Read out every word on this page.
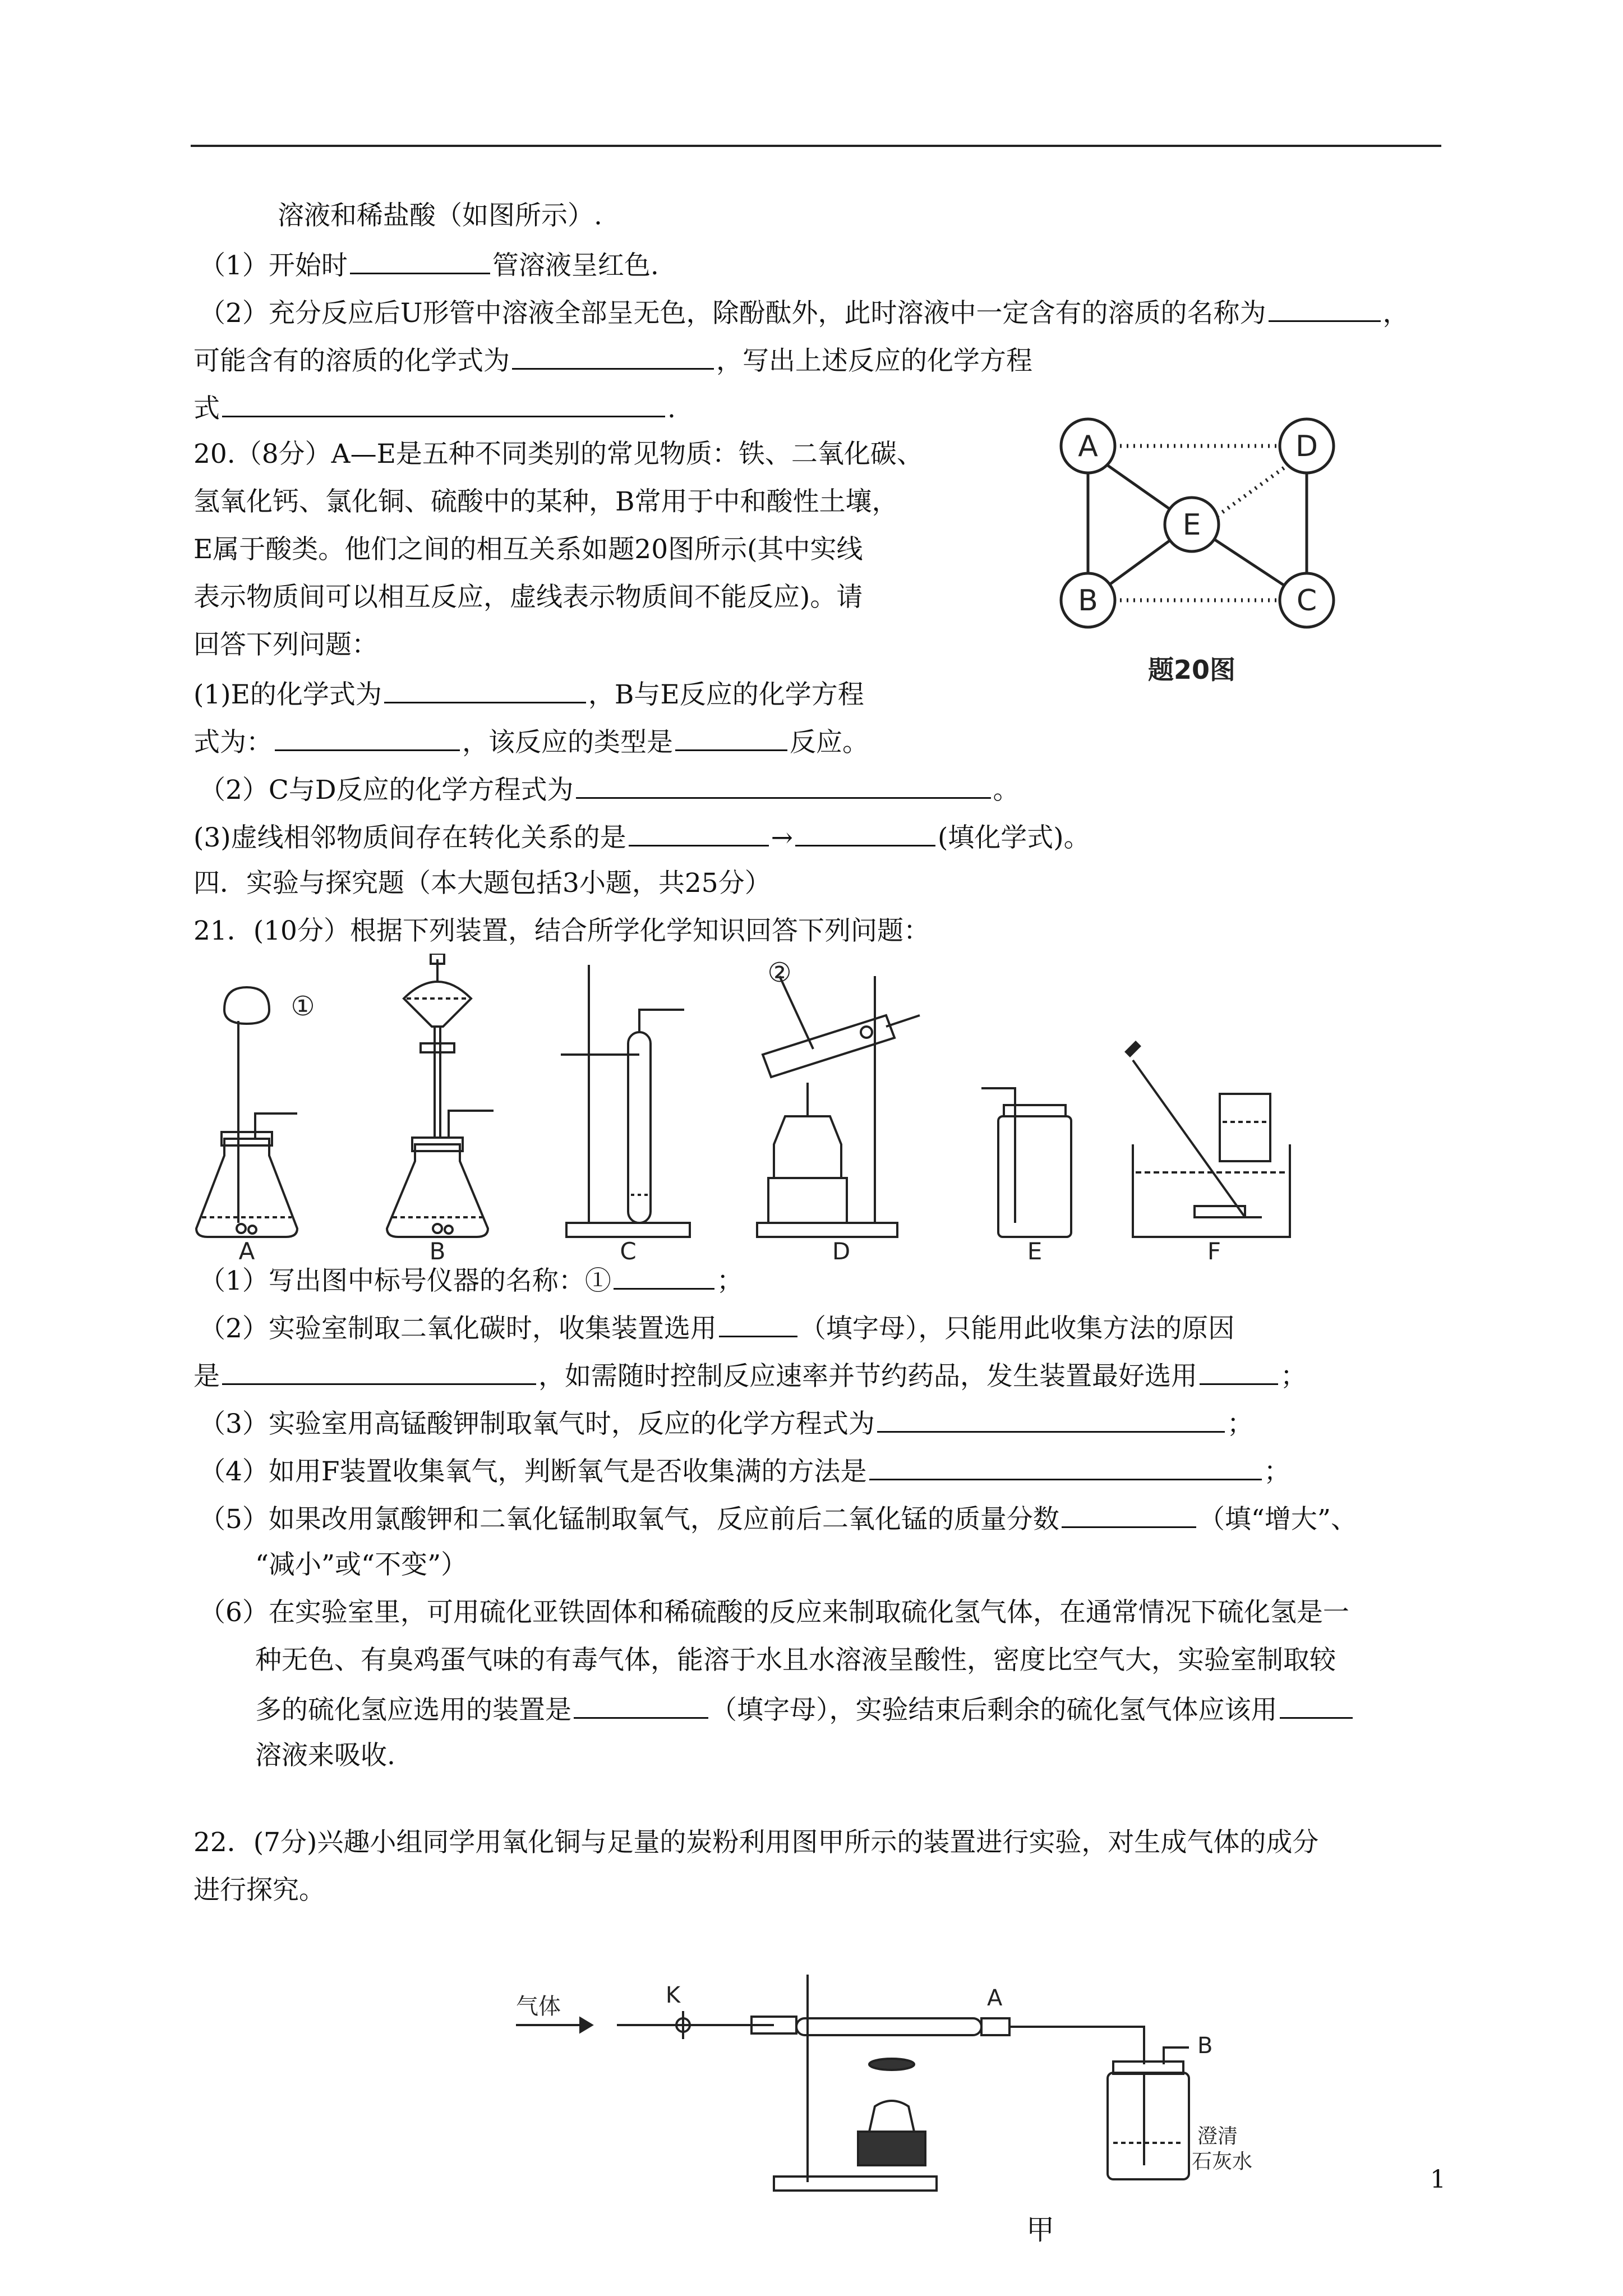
溶液和稀盐酸（如图所示）.
（1）开始时	管溶液呈红色.
（2）充分反应后U形管中溶液全部呈无色，除酚酞外，此时溶液中一定含有的溶质的名称为	，
可能含有的溶质的化学式为	，写出上述反应的化学方程
式	.
20.（8分）A—E是五种不同类别的常见物质：铁、二氧化碳、
氢氧化钙、氯化铜、硫酸中的某种，B常用于中和酸性土壤，
E属于酸类。他们之间的相互关系如题20图所示(其中实线
表示物质间可以相互反应，虚线表示物质间不能反应)。请
回答下列问题：
(1)E的化学式为	，B与E反应的化学方程
式为：	，该反应的类型是	反应。
（2）C与D反应的化学方程式为	。
(3)虚线相邻物质间存在转化关系的是	→	(填化学式)。
A
B	C
D
E
题20图
四．实验与探究题（本大题包括3小题，共25分）
21．(10分）根据下列装置，结合所学化学知识回答下列问题：
A	B	C	D	E	F
①
②
（1）写出图中标号仪器的名称：①	；
（2）实验室制取二氧化碳时，收集装置选用	（填字母），只能用此收集方法的原因
是	，如需随时控制反应速率并节约药品，发生装置最好选用	；
（3）实验室用高锰酸钾制取氧气时，反应的化学方程式为	；
（4）如用F装置收集氧气，判断氧气是否收集满的方法是	；
（5）如果改用氯酸钾和二氧化锰制取氧气，反应前后二氧化锰的质量分数	（填“增大”、
“减小”或“不变”）
（6）在实验室里，可用硫化亚铁固体和稀硫酸的反应来制取硫化氢气体，在通常情况下硫化氢是一
种无色、有臭鸡蛋气味的有毒气体，能溶于水且水溶液呈酸性，密度比空气大，实验室制取较
多的硫化氢应选用的装置是	（填字母），实验结束后剩余的硫化氢气体应该用
溶液来吸收.
22．(7分)兴趣小组同学用氧化铜与足量的炭粉利用图甲所示的装置进行实验，对生成气体的成分
进行探究。
气体	K	A
B
澄清
石灰水
甲
1
